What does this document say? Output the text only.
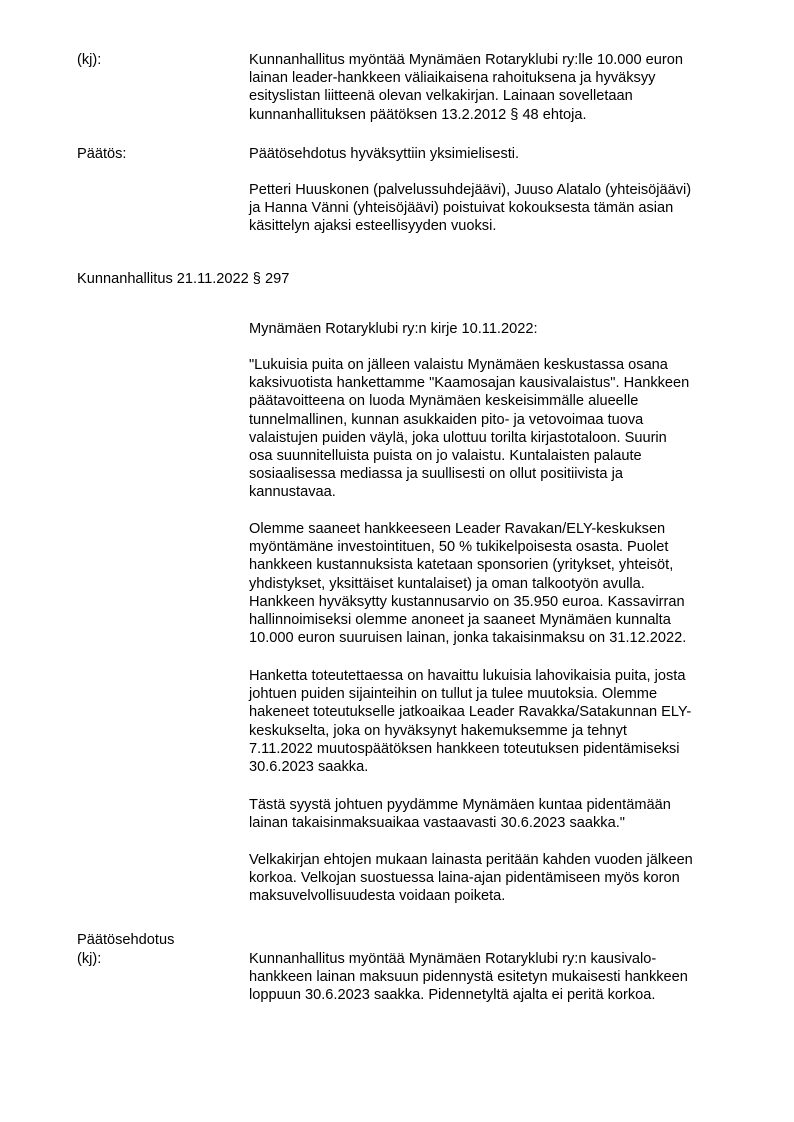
(kj):	Kunnanhallitus myöntää Mynämäen Rotaryklubi ry:lle 10.000 euron
lainan leader-hankkeen väliaikaisena rahoituksena ja hyväksyy
esityslistan liitteenä olevan velkakirjan. Lainaan sovelletaan
kunnanhallituksen päätöksen 13.2.2012 § 48 ehtoja.
Päätös:	Päätösehdotus hyväksyttiin yksimielisesti.
Petteri Huuskonen (palvelussuhdejäävi), Juuso Alatalo (yhteisöjäävi)
ja Hanna Vänni (yhteisöjäävi) poistuivat kokouksesta tämän asian
käsittelyn ajaksi esteellisyyden vuoksi.
Kunnanhallitus 21.11.2022 § 297
Mynämäen Rotaryklubi ry:n kirje 10.11.2022:
"Lukuisia puita on jälleen valaistu Mynämäen keskustassa osana
kaksivuotista hankettamme "Kaamosajan kausivalaistus". Hankkeen
päätavoitteena on luoda Mynämäen keskeisimmälle alueelle
tunnelmallinen, kunnan asukkaiden pito- ja vetovoimaa tuova
valaistujen puiden väylä, joka ulottuu torilta kirjastotaloon. Suurin
osa suunnitelluista puista on jo valaistu. Kuntalaisten palaute
sosiaalisessa mediassa ja suullisesti on ollut positiivista ja
kannustavaa.
Olemme saaneet hankkeeseen Leader Ravakan/ELY-keskuksen
myöntämäne investointituen, 50 % tukikelpoisesta osasta. Puolet
hankkeen kustannuksista katetaan sponsorien (yritykset, yhteisöt,
yhdistykset, yksittäiset kuntalaiset) ja oman talkootyön avulla.
Hankkeen hyväksytty kustannusarvio on 35.950 euroa. Kassavirran
hallinnoimiseksi olemme anoneet ja saaneet Mynämäen kunnalta
10.000 euron suuruisen lainan, jonka takaisinmaksu on 31.12.2022.
Hanketta toteutettaessa on havaittu lukuisia lahovikaisia puita, josta
johtuen puiden sijainteihin on tullut ja tulee muutoksia. Olemme
hakeneet toteutukselle jatkoaikaa Leader Ravakka/Satakunnan ELY-
keskukselta, joka on hyväksynyt hakemuksemme ja tehnyt
7.11.2022 muutospäätöksen hankkeen toteutuksen pidentämiseksi
30.6.2023 saakka.
Tästä syystä johtuen pyydämme Mynämäen kuntaa pidentämään
lainan takaisinmaksuaikaa vastaavasti 30.6.2023 saakka."
Velkakirjan ehtojen mukaan lainasta peritään kahden vuoden jälkeen
korkoa. Velkojan suostuessa laina-ajan pidentämiseen myös koron
maksuvelvollisuudesta voidaan poiketa.
Päätösehdotus
(kj):	Kunnanhallitus myöntää Mynämäen Rotaryklubi ry:n kausivalo-
hankkeen lainan maksuun pidennystä esitetyn mukaisesti hankkeen
loppuun 30.6.2023 saakka. Pidennetyltä ajalta ei peritä korkoa.
